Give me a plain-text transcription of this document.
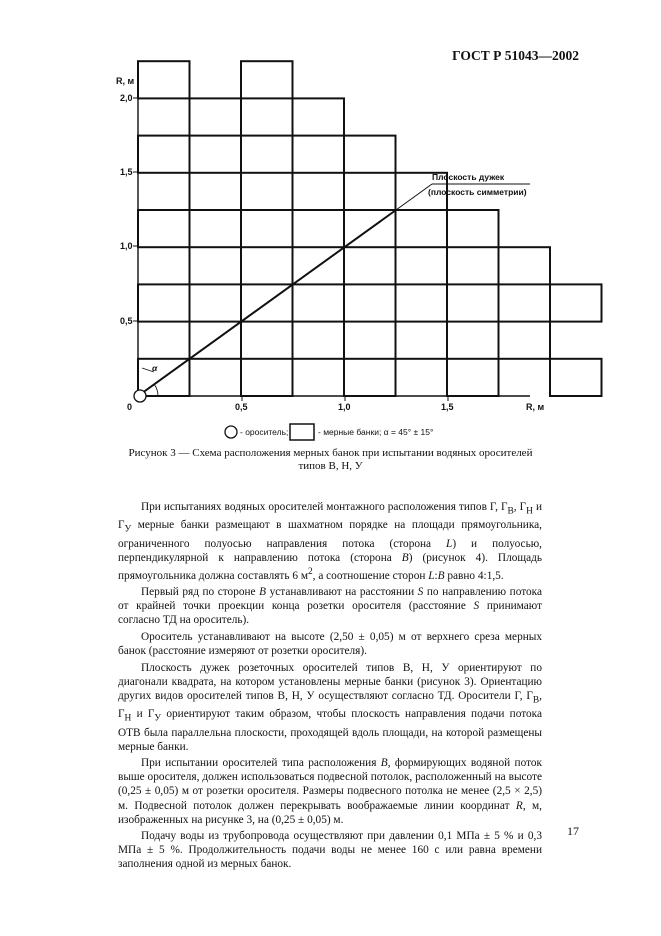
ГОСТ Р 51043—2002
R, м
2,0
1,5
1,0
0,5
0	0,5	1,0	1,5	R, м
Плоскость дужек
(плоскость симметрии)
α
- ороситель;	- мерные банки; α = 45° ± 15°
Рисунок 3 — Схема расположения мерных банок при испытании водяных оросителей
типов В, Н, У

При испытаниях водяных оросителей монтажного расположения типов Г, $Г_В$, $Г_Н$ и $Г_У$ мерные банки размещают в шахматном порядке на площади прямоугольника, ограниченного полуосью направления потока (сторона L) и полуосью, перпендикулярной к направлению потока (сторона B) (рисунок 4). Площадь прямоугольника должна составлять 6 $м^2$, а соотношение сторон L:B равно 4:1,5.

Первый ряд по стороне B устанавливают на расстоянии S по направлению потока от крайней точки проекции конца розетки оросителя (расстояние S принимают согласно ТД на ороситель).

Ороситель устанавливают на высоте (2,50 ± 0,05) м от верхнего среза мерных банок (расстояние измеряют от розетки оросителя).

Плоскость дужек розеточных оросителей типов В, Н, У ориентируют по диагонали квадрата, на котором установлены мерные банки (рисунок 3). Ориентацию других видов оросителей типов В, Н, У осуществляют согласно ТД. Оросители Г, $Г_В$, $Г_Н$ и $Г_У$ ориентируют таким образом, чтобы плоскость направления подачи потока ОТВ была параллельна плоскости, проходящей вдоль площади, на которой размещены мерные банки.

При испытании оросителей типа расположения B, формирующих водяной поток выше оросителя, должен использоваться подвесной потолок, расположенный на высоте (0,25 ± 0,05) м от розетки оросителя. Размеры подвесного потолка не менее (2,5 × 2,5) м. Подвесной потолок должен перекрывать воображаемые линии координат R, м, изображенных на рисунке 3, на (0,25 ± 0,05) м.

Подачу воды из трубопровода осуществляют при давлении 0,1 МПа ± 5 % и 0,3 МПа ± 5 %. Продолжительность подачи воды не менее 160 с или равна времени заполнения одной из мерных банок.

17
